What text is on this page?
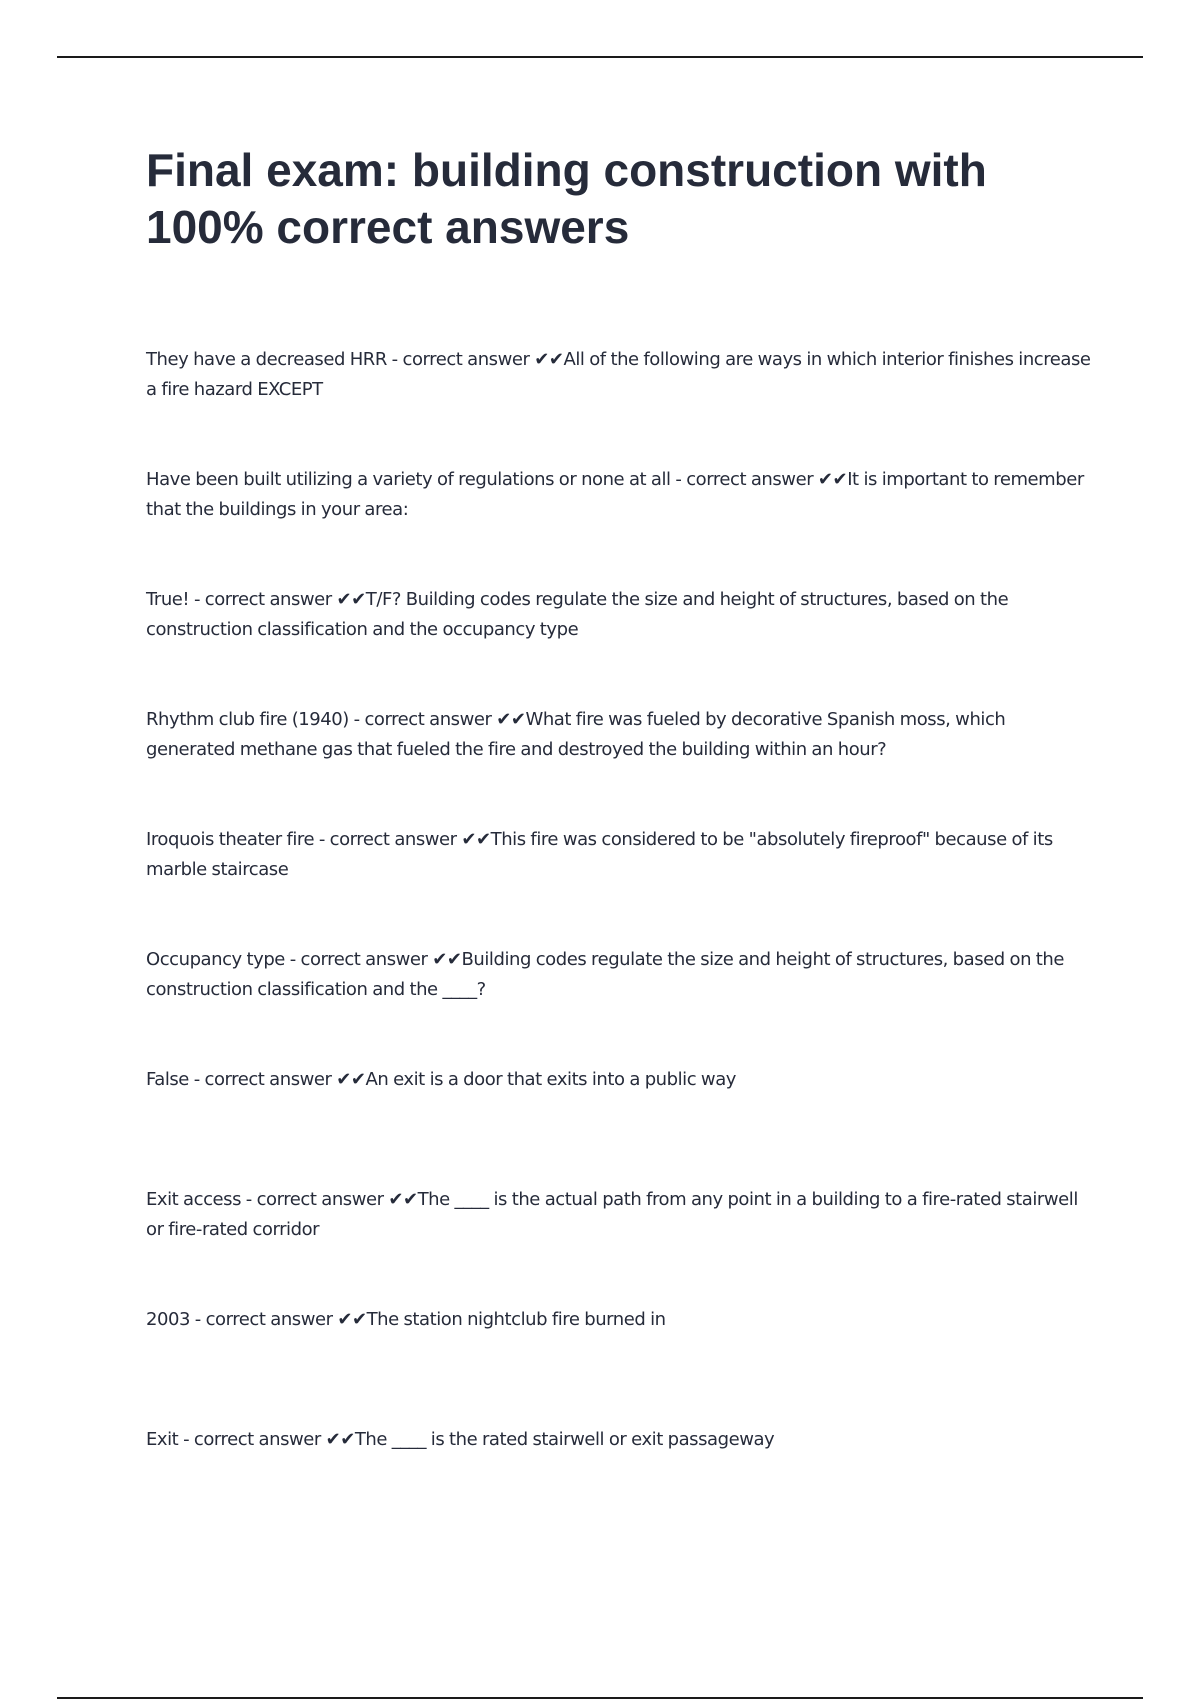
Final exam: building construction with 100% correct answers
They have a decreased HRR - correct answer ✔✔All of the following are ways in which interior finishes increase a fire hazard EXCEPT
Have been built utilizing a variety of regulations or none at all - correct answer ✔✔It is important to remember that the buildings in your area:
True! - correct answer ✔✔T/F? Building codes regulate the size and height of structures, based on the construction classification and the occupancy type
Rhythm club fire (1940) - correct answer ✔✔What fire was fueled by decorative Spanish moss, which generated methane gas that fueled the fire and destroyed the building within an hour?
Iroquois theater fire - correct answer ✔✔This fire was considered to be "absolutely fireproof" because of its marble staircase
Occupancy type - correct answer ✔✔Building codes regulate the size and height of structures, based on the construction classification and the ____?
False - correct answer ✔✔An exit is a door that exits into a public way
Exit access - correct answer ✔✔The ____ is the actual path from any point in a building to a fire-rated stairwell or fire-rated corridor
2003 - correct answer ✔✔The station nightclub fire burned in
Exit - correct answer ✔✔The ____ is the rated stairwell or exit passageway
